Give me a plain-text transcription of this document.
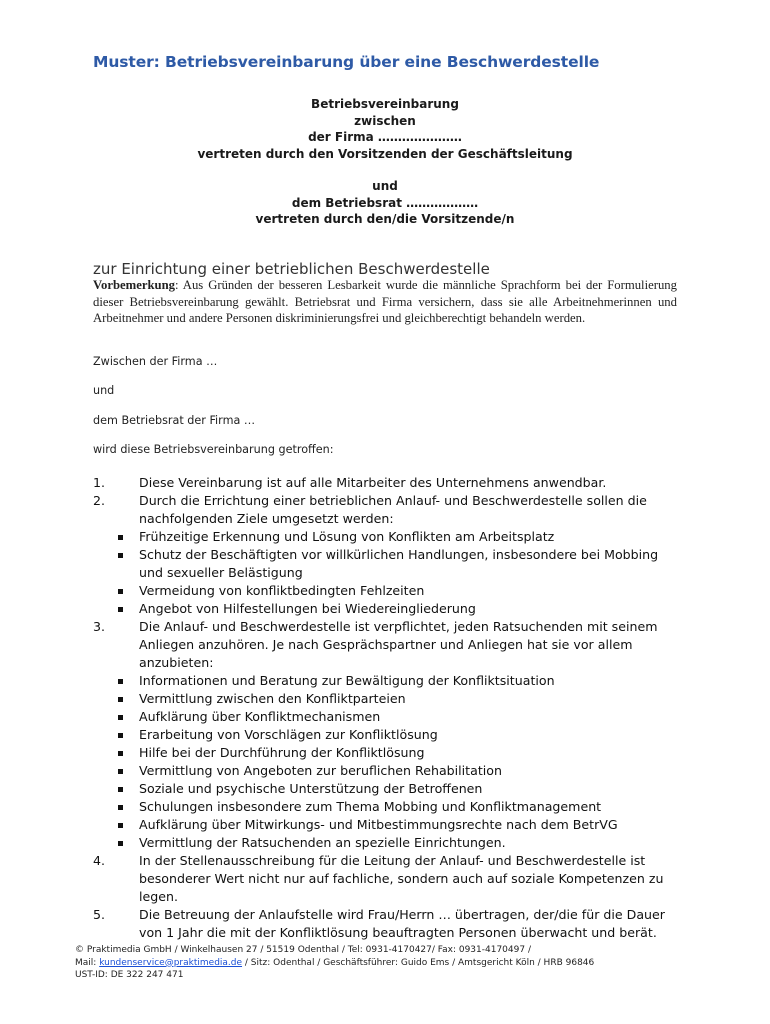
Muster: Betriebsvereinbarung über eine Beschwerdestelle
Betriebsvereinbarung
zwischen
der Firma …………………
vertreten durch den Vorsitzenden der Geschäftsleitung
und
dem Betriebsrat ………………
vertreten durch den/die Vorsitzende/n
zur Einrichtung einer betrieblichen Beschwerdestelle
Vorbemerkung: Aus Gründen der besseren Lesbarkeit wurde die männliche Sprachform bei der Formulierung dieser Betriebsvereinbarung gewählt. Betriebsrat und Firma versichern, dass sie alle Arbeitnehmerinnen und Arbeitnehmer und andere Personen diskriminierungsfrei und gleichberechtigt behandeln werden.
Zwischen der Firma …
und
dem Betriebsrat der Firma …
wird diese Betriebsvereinbarung getroffen:
1.	Diese Vereinbarung ist auf alle Mitarbeiter des Unternehmens anwendbar.
2.	Durch die Errichtung einer betrieblichen Anlauf- und Beschwerdestelle sollen die nachfolgenden Ziele umgesetzt werden:
Frühzeitige Erkennung und Lösung von Konflikten am Arbeitsplatz
Schutz der Beschäftigten vor willkürlichen Handlungen, insbesondere bei Mobbing und sexueller Belästigung
Vermeidung von konfliktbedingten Fehlzeiten
Angebot von Hilfestellungen bei Wiedereingliederung
3.	Die Anlauf- und Beschwerdestelle ist verpflichtet, jeden Ratsuchenden mit seinem Anliegen anzuhören. Je nach Gesprächspartner und Anliegen hat sie vor allem anzubieten:
Informationen und Beratung zur Bewältigung der Konfliktsituation
Vermittlung zwischen den Konfliktparteien
Aufklärung über Konfliktmechanismen
Erarbeitung von Vorschlägen zur Konfliktlösung
Hilfe bei der Durchführung der Konfliktlösung
Vermittlung von Angeboten zur beruflichen Rehabilitation
Soziale und psychische Unterstützung der Betroffenen
Schulungen insbesondere zum Thema Mobbing und Konfliktmanagement
Aufklärung über Mitwirkungs- und Mitbestimmungsrechte nach dem BetrVG
Vermittlung der Ratsuchenden an spezielle Einrichtungen.
4.	In der Stellenausschreibung für die Leitung der Anlauf- und Beschwerdestelle ist besonderer Wert nicht nur auf fachliche, sondern auch auf soziale Kompetenzen zu legen.
5.	Die Betreuung der Anlaufstelle wird Frau/Herrn … übertragen, der/die für die Dauer von 1 Jahr die mit der Konfliktlösung beauftragten Personen überwacht und berät.
© Praktimedia GmbH / Winkelhausen 27 / 51519 Odenthal / Tel: 0931-4170427/ Fax: 0931-4170497 /
Mail: kundenservice@praktimedia.de / Sitz: Odenthal / Geschäftsführer: Guido Ems / Amtsgericht Köln / HRB 96846
UST-ID: DE 322 247 471
